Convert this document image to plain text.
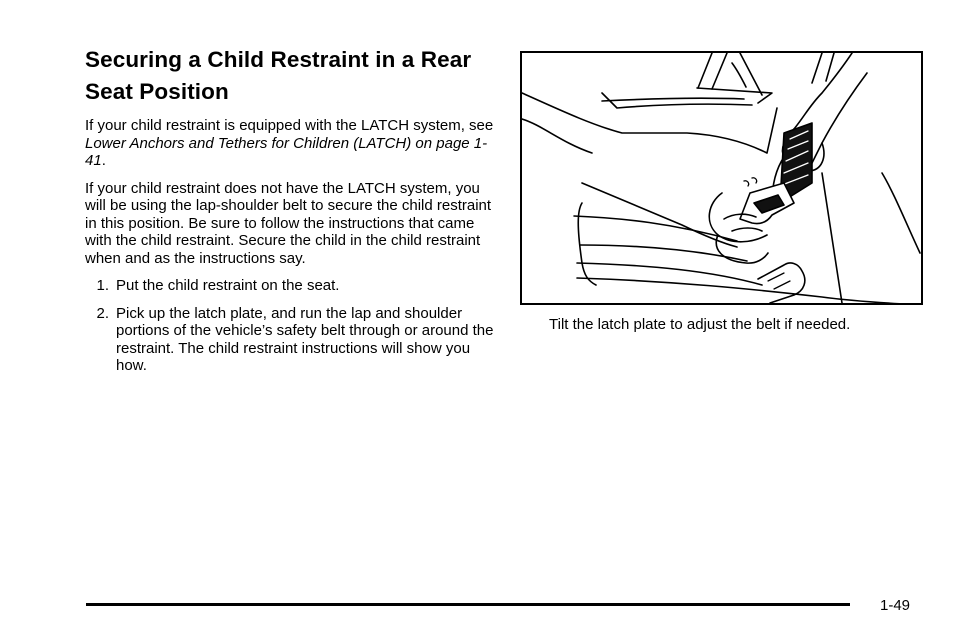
Securing a Child Restraint in a Rear
Seat Position

If your child restraint is equipped with the LATCH system, see Lower Anchors and Tethers for Children (LATCH) on page 1-41.

If your child restraint does not have the LATCH system, you will be using the lap-shoulder belt to secure the child restraint in this position. Be sure to follow the instructions that came with the child restraint. Secure the child in the child restraint when and as the instructions say.

1. Put the child restraint on the seat.
2. Pick up the latch plate, and run the lap and shoulder portions of the vehicle’s safety belt through or around the restraint. The child restraint instructions will show you how.
Tilt the latch plate to adjust the belt if needed.
1-49
